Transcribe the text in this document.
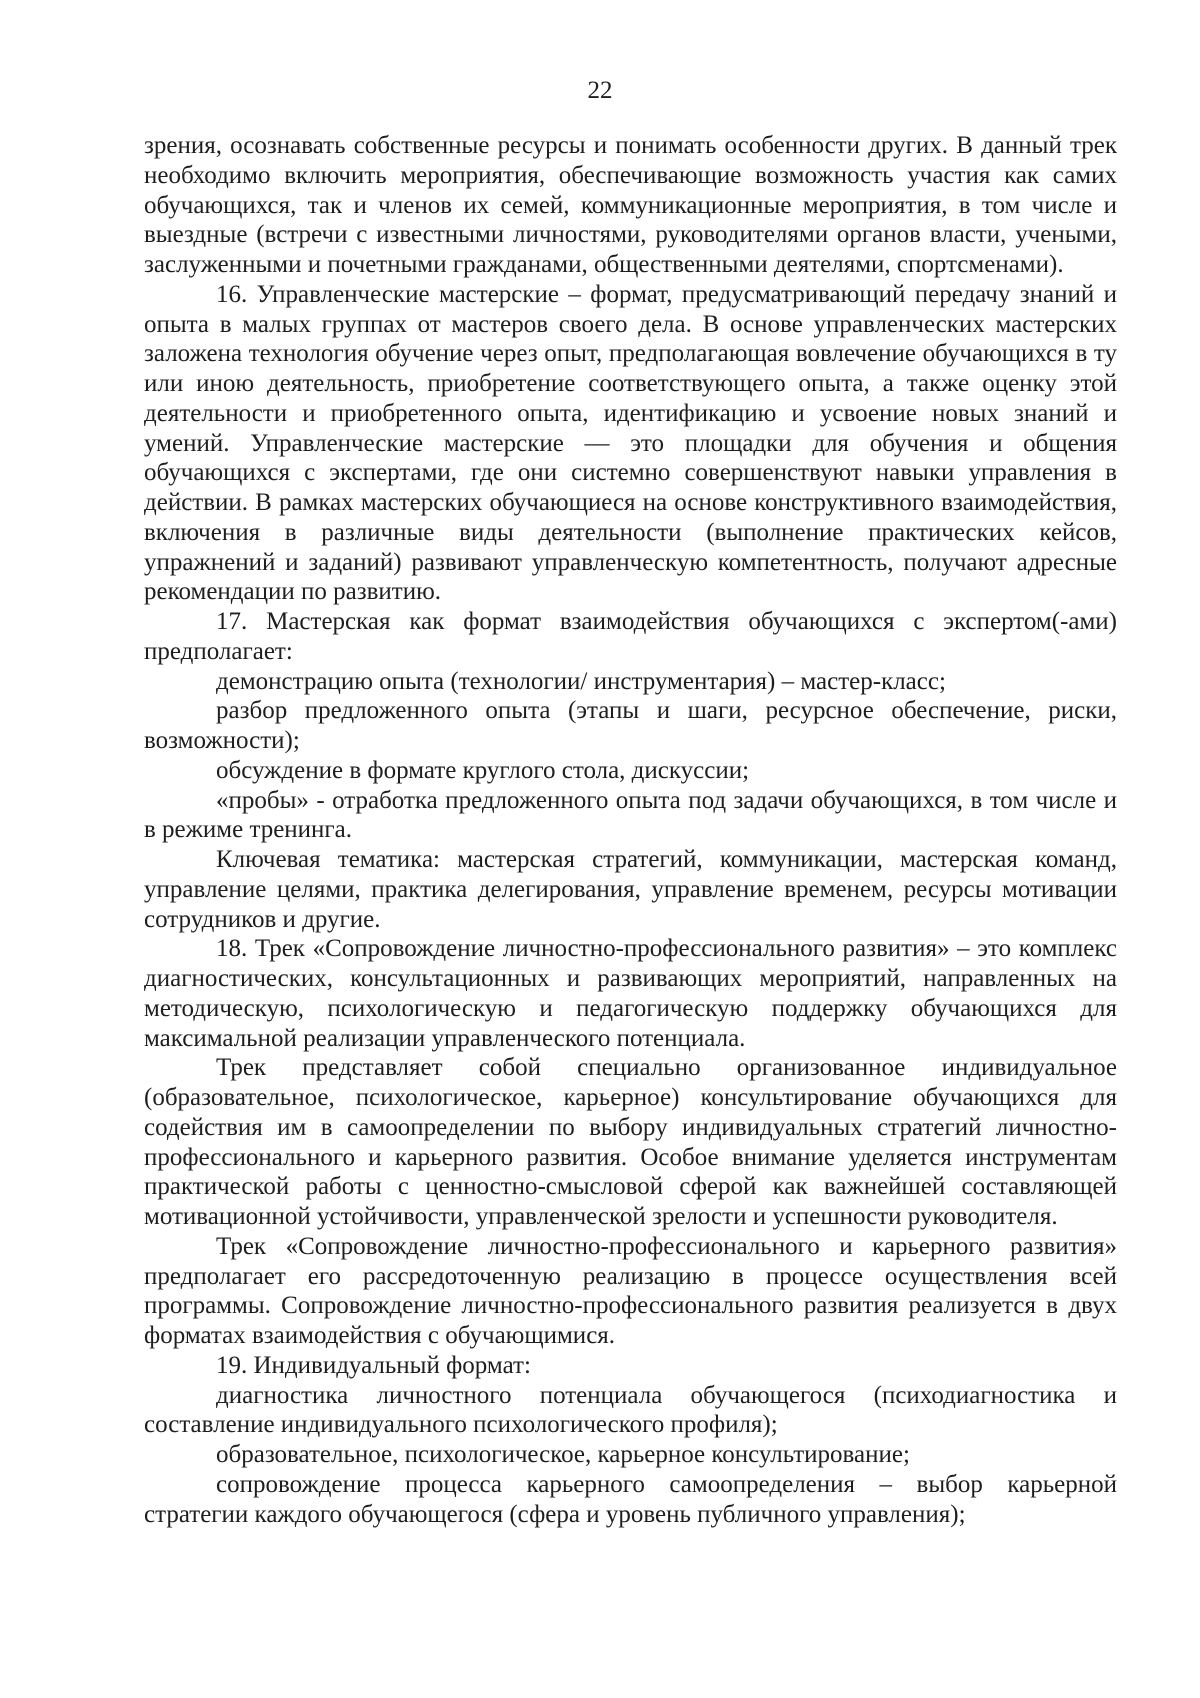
22

зрения, осознавать собственные ресурсы и понимать особенности других. В данный трек необходимо включить мероприятия, обеспечивающие возможность участия как самих обучающихся, так и членов их семей, коммуникационные мероприятия, в том числе и выездные (встречи с известными личностями, руководителями органов власти, учеными, заслуженными и почетными гражданами, общественными деятелями, спортсменами).

16. Управленческие мастерские – формат, предусматривающий передачу знаний и опыта в малых группах от мастеров своего дела. В основе управленческих мастерских заложена технология обучение через опыт, предполагающая вовлечение обучающихся в ту или иною деятельность, приобретение соответствующего опыта, а также оценку этой деятельности и приобретенного опыта, идентификацию и усвоение новых знаний и умений. Управленческие мастерские — это площадки для обучения и общения обучающихся с экспертами, где они системно совершенствуют навыки управления в действии. В рамках мастерских обучающиеся на основе конструктивного взаимодействия, включения в различные виды деятельности (выполнение практических кейсов, упражнений и заданий) развивают управленческую компетентность, получают адресные рекомендации по развитию.

17. Мастерская как формат взаимодействия обучающихся с экспертом(-ами) предполагает:

демонстрацию опыта (технологии/ инструментария) – мастер-класс;

разбор предложенного опыта (этапы и шаги, ресурсное обеспечение, риски, возможности);

обсуждение в формате круглого стола, дискуссии;

«пробы» - отработка предложенного опыта под задачи обучающихся, в том числе и в режиме тренинга.

Ключевая тематика: мастерская стратегий, коммуникации, мастерская команд, управление целями, практика делегирования, управление временем, ресурсы мотивации сотрудников и другие.

18. Трек «Сопровождение личностно-профессионального развития» – это комплекс диагностических, консультационных и развивающих мероприятий, направленных на методическую, психологическую и педагогическую поддержку обучающихся для максимальной реализации управленческого потенциала.

Трек представляет собой специально организованное индивидуальное (образовательное, психологическое, карьерное) консультирование обучающихся для содействия им в самоопределении по выбору индивидуальных стратегий личностно-профессионального и карьерного развития. Особое внимание уделяется инструментам практической работы с ценностно-смысловой сферой как важнейшей составляющей мотивационной устойчивости, управленческой зрелости и успешности руководителя.

Трек «Сопровождение личностно-профессионального и карьерного развития» предполагает его рассредоточенную реализацию в процессе осуществления всей программы. Сопровождение личностно-профессионального развития реализуется в двух форматах взаимодействия с обучающимися.

19. Индивидуальный формат:

диагностика личностного потенциала обучающегося (психодиагностика и составление индивидуального психологического профиля);

образовательное, психологическое, карьерное консультирование;

сопровождение процесса карьерного самоопределения – выбор карьерной стратегии каждого обучающегося (сфера и уровень публичного управления);
